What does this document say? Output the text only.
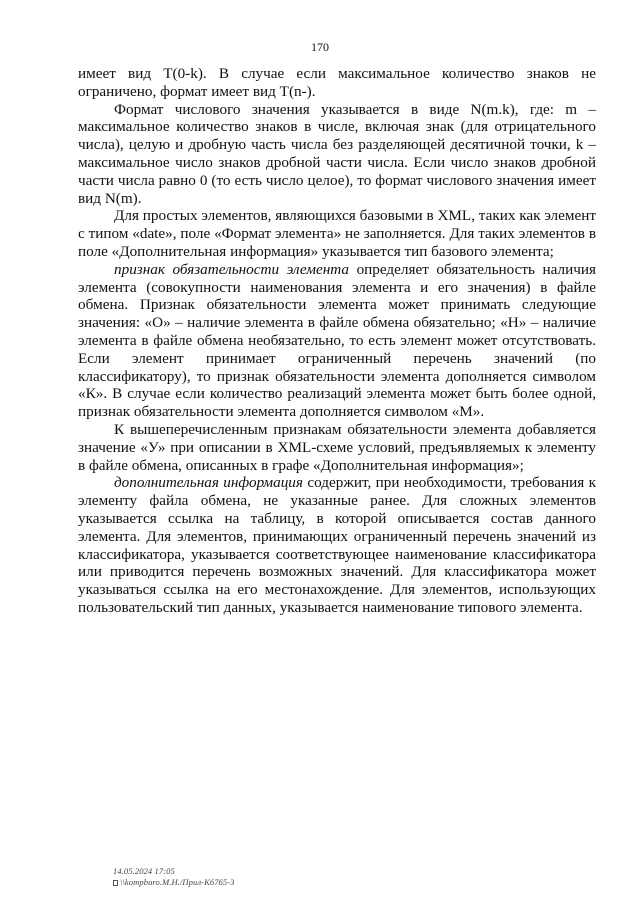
170

имеет вид T(0-k). В случае если максимальное количество знаков не ограничено, формат имеет вид T(n-).

Формат числового значения указывается в виде N(m.k), где: m – максимальное количество знаков в числе, включая знак (для отрицательного числа), целую и дробную часть числа без разделяющей десятичной точки, k – максимальное число знаков дробной части числа. Если число знаков дробной части числа равно 0 (то есть число целое), то формат числового значения имеет вид N(m).

Для простых элементов, являющихся базовыми в XML, таких как элемент с типом «date», поле «Формат элемента» не заполняется. Для таких элементов в поле «Дополнительная информация» указывается тип базового элемента;

признак обязательности элемента определяет обязательность наличия элемента (совокупности наименования элемента и его значения) в файле обмена. Признак обязательности элемента может принимать следующие значения: «О» – наличие элемента в файле обмена обязательно; «Н» – наличие элемента в файле обмена необязательно, то есть элемент может отсутствовать. Если элемент принимает ограниченный перечень значений (по классификатору), то признак обязательности элемента дополняется символом «К». В случае если количество реализаций элемента может быть более одной, признак обязательности элемента дополняется символом «М».

К вышеперечисленным признакам обязательности элемента добавляется значение «У» при описании в XML-схеме условий, предъявляемых к элементу в файле обмена, описанных в графе «Дополнительная информация»;

дополнительная информация содержит, при необходимости, требования к элементу файла обмена, не указанные ранее. Для сложных элементов указывается ссылка на таблицу, в которой описывается состав данного элемента. Для элементов, принимающих ограниченный перечень значений из классификатора, указывается соответствующее наименование классификатора или приводится перечень возможных значений. Для классификатора может указываться ссылка на его местонахождение. Для элементов, использующих пользовательский тип данных, указывается наименование типового элемента.

14.05.2024 17:05
\\kompburo.M.H./Прил-К6765-3
